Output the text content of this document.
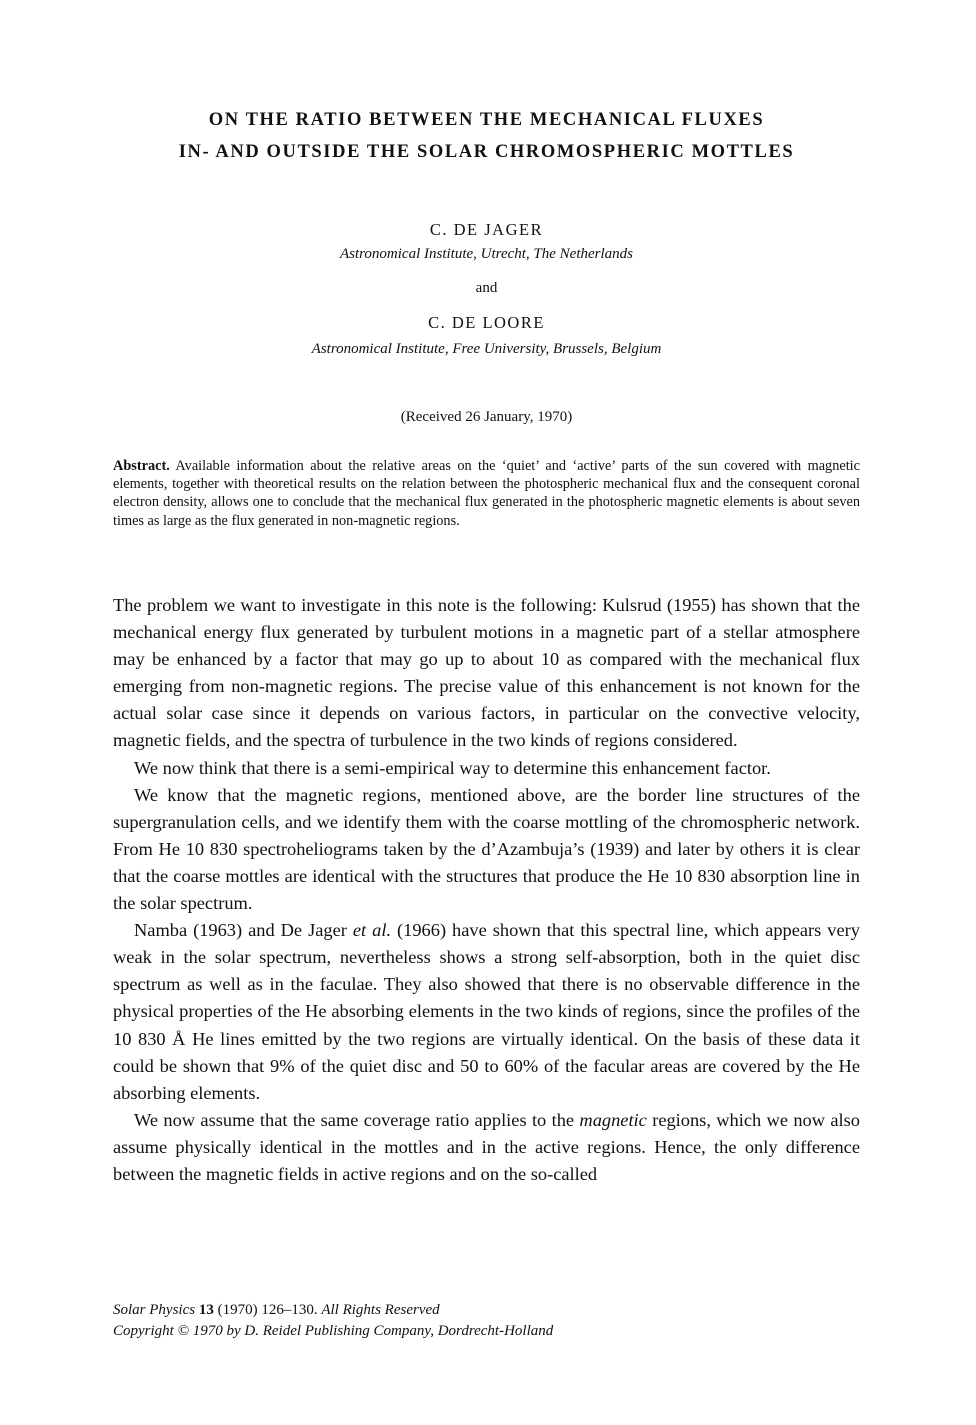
ON THE RATIO BETWEEN THE MECHANICAL FLUXES
IN- AND OUTSIDE THE SOLAR CHROMOSPHERIC MOTTLES
C. DE JAGER
Astronomical Institute, Utrecht, The Netherlands
and
C. DE LOORE
Astronomical Institute, Free University, Brussels, Belgium
(Received 26 January, 1970)
Abstract. Available information about the relative areas on the ‘quiet’ and ‘active’ parts of the sun covered with magnetic elements, together with theoretical results on the relation between the photospheric mechanical flux and the consequent coronal electron density, allows one to conclude that the mechanical flux generated in the photospheric magnetic elements is about seven times as large as the flux generated in non-magnetic regions.

The problem we want to investigate in this note is the following: Kulsrud (1955) has shown that the mechanical energy flux generated by turbulent motions in a magnetic part of a stellar atmosphere may be enhanced by a factor that may go up to about 10 as compared with the mechanical flux emerging from non-magnetic regions. The precise value of this enhancement is not known for the actual solar case since it depends on various factors, in particular on the convective velocity, magnetic fields, and the spectra of turbulence in the two kinds of regions considered.

We now think that there is a semi-empirical way to determine this enhancement factor.

We know that the magnetic regions, mentioned above, are the border line structures of the supergranulation cells, and we identify them with the coarse mottling of the chromospheric network. From He 10 830 spectroheliograms taken by the d’Azambuja’s (1939) and later by others it is clear that the coarse mottles are identical with the structures that produce the He 10 830 absorption line in the solar spectrum.

Namba (1963) and De Jager et al. (1966) have shown that this spectral line, which appears very weak in the solar spectrum, nevertheless shows a strong self-absorption, both in the quiet disc spectrum as well as in the faculae. They also showed that there is no observable difference in the physical properties of the He absorbing elements in the two kinds of regions, since the profiles of the 10 830 Å He lines emitted by the two regions are virtually identical. On the basis of these data it could be shown that 9% of the quiet disc and 50 to 60% of the facular areas are covered by the He absorbing elements.

We now assume that the same coverage ratio applies to the magnetic regions, which we now also assume physically identical in the mottles and in the active regions. Hence, the only difference between the magnetic fields in active regions and on the so-called

Solar Physics 13 (1970) 126–130. All Rights Reserved
Copyright © 1970 by D. Reidel Publishing Company, Dordrecht-Holland
